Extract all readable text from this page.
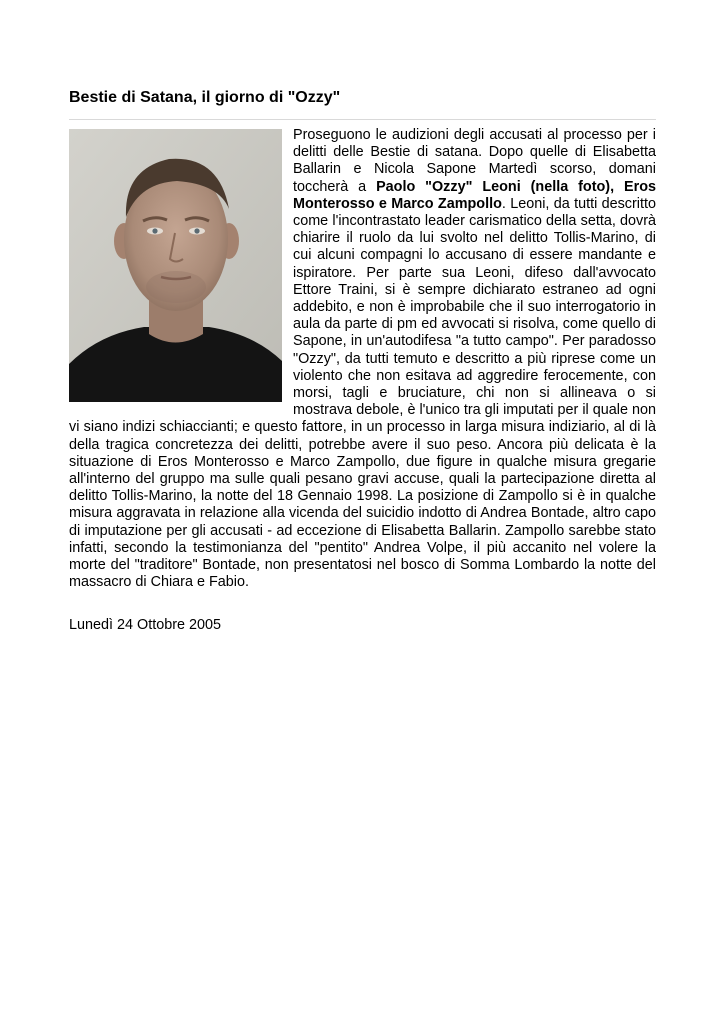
Bestie di Satana, il giorno di "Ozzy"
Proseguono le audizioni degli accusati al processo per i delitti delle Bestie di satana. Dopo quelle di Elisabetta Ballarin e Nicola Sapone Martedì scorso, domani toccherà a Paolo "Ozzy" Leoni (nella foto), Eros Monterosso e Marco Zampollo. Leoni, da tutti descritto come l'incontrastato leader carismatico della setta, dovrà chiarire il ruolo da lui svolto nel delitto Tollis-Marino, di cui alcuni compagni lo accusano di essere mandante e ispiratore. Per parte sua Leoni, difeso dall'avvocato Ettore Traini, si è sempre dichiarato estraneo ad ogni addebito, e non è improbabile che il suo interrogatorio in aula da parte di pm ed avvocati si risolva, come quello di Sapone, in un'autodifesa "a tutto campo". Per paradosso "Ozzy", da tutti temuto e descritto a più riprese come un violento che non esitava ad aggredire ferocemente, con morsi, tagli e bruciature, chi non si allineava o si mostrava debole, è l'unico tra gli imputati per il quale non vi siano indizi schiaccianti; e questo fattore, in un processo in larga misura indiziario, al di là della tragica concretezza dei delitti, potrebbe avere il suo peso. Ancora più delicata è la situazione di Eros Monterosso e Marco Zampollo, due figure in qualche misura gregarie all'interno del gruppo ma sulle quali pesano gravi accuse, quali la partecipazione diretta al delitto Tollis-Marino, la notte del 18 Gennaio 1998. La posizione di Zampollo si è in qualche misura aggravata in relazione alla vicenda del suicidio indotto di Andrea Bontade, altro capo di imputazione per gli accusati - ad eccezione di Elisabetta Ballarin. Zampollo sarebbe stato infatti, secondo la testimonianza del "pentito" Andrea Volpe, il più accanito nel volere la morte del "traditore" Bontade, non presentatosi nel bosco di Somma Lombardo la notte del massacro di Chiara e Fabio.
Lunedì 24 Ottobre 2005
